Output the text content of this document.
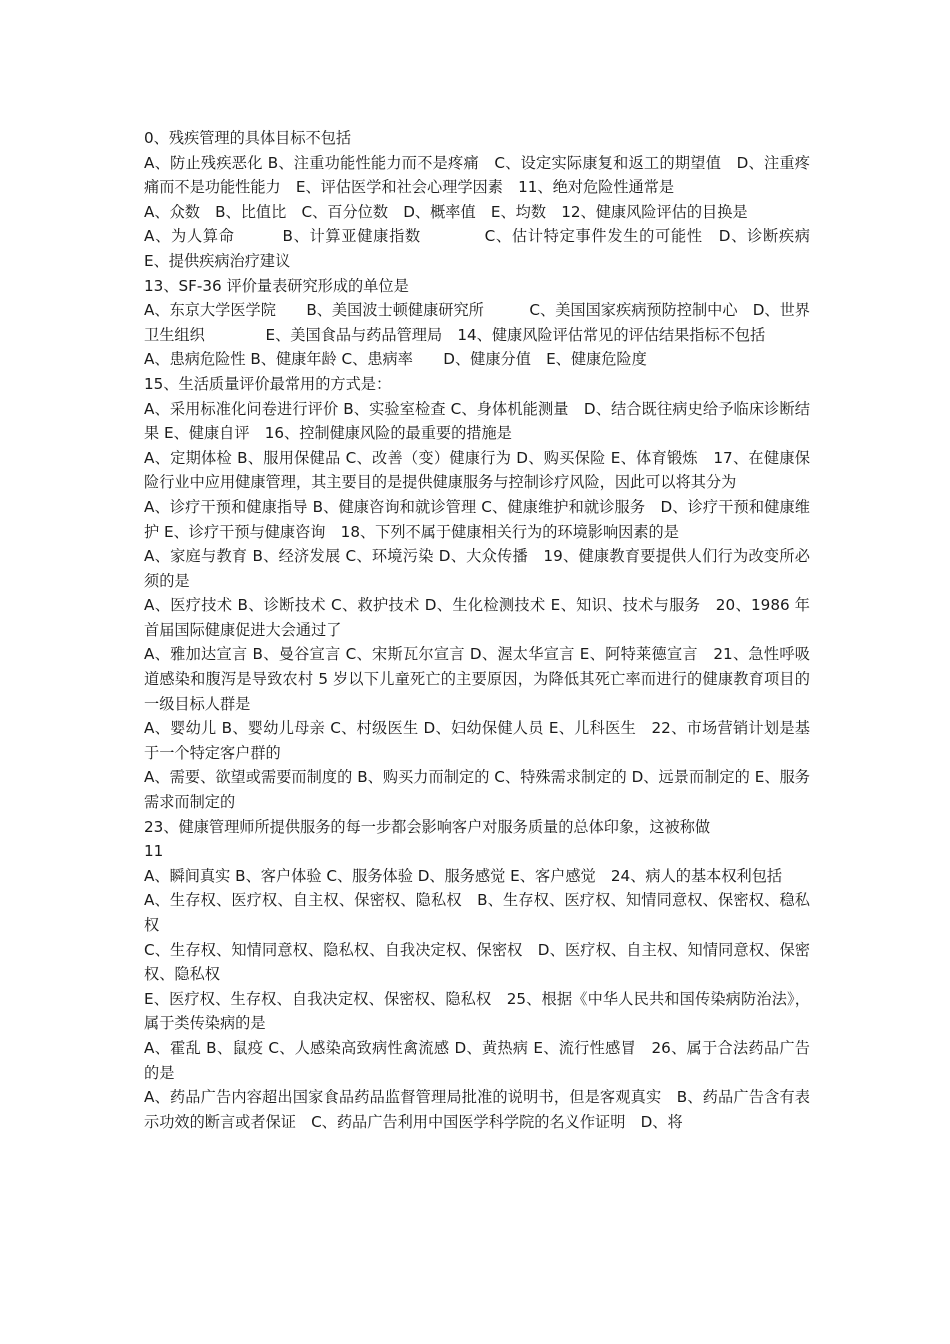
0、残疾管理的具体目标不包括

A、防止残疾恶化 B、注重功能性能力而不是疼痛　C、设定实际康复和返工的期望值　D、注重疼痛而不是功能性能力　E、评估医学和社会心理学因素　11、绝对危险性通常是

A、众数　B、比值比　C、百分位数　D、概率值　E、均数　12、健康风险评估的目换是

A、为人算命　　　B、计算亚健康指数　　　　C、估计特定事件发生的可能性　D、诊断疾病　　　E、提供疾病治疗建议

13、SF-36 评价量表研究形成的单位是

A、东京大学医学院　　B、美国波士顿健康研究所　　　C、美国国家疾病预防控制中心　D、世界卫生组织　　　　E、美国食品与药品管理局　14、健康风险评估常见的评估结果指标不包括

A、患病危险性 B、健康年龄 C、患病率　　D、健康分值　E、健康危险度

15、生活质量评价最常用的方式是：

A、采用标准化问卷进行评价 B、实验室检查 C、身体机能测量　D、结合既往病史给予临床诊断结果 E、健康自评　16、控制健康风险的最重要的措施是

A、定期体检 B、服用保健品 C、改善（变）健康行为 D、购买保险 E、体育锻炼　17、在健康保险行业中应用健康管理，其主要目的是提供健康服务与控制诊疗风险，因此可以将其分为

A、诊疗干预和健康指导 B、健康咨询和就诊管理 C、健康维护和就诊服务　D、诊疗干预和健康维护 E、诊疗干预与健康咨询　18、下列不属于健康相关行为的环境影响因素的是

A、家庭与教育 B、经济发展 C、环境污染 D、大众传播　19、健康教育要提供人们行为改变所必须的是

A、医疗技术 B、诊断技术 C、救护技术 D、生化检测技术 E、知识、技术与服务　20、1986 年首届国际健康促进大会通过了

A、雅加达宣言 B、曼谷宣言 C、宋斯瓦尔宣言 D、渥太华宣言 E、阿特莱德宣言　21、急性呼吸道感染和腹泻是导致农村 5 岁以下儿童死亡的主要原因，为降低其死亡率而进行的健康教育项目的一级目标人群是

A、婴幼儿 B、婴幼儿母亲 C、村级医生 D、妇幼保健人员 E、儿科医生　22、市场营销计划是基于一个特定客户群的

A、需要、欲望或需要而制度的 B、购买力而制定的 C、特殊需求制定的 D、远景而制定的 E、服务需求而制定的

23、健康管理师所提供服务的每一步都会影响客户对服务质量的总体印象，这被称做

11

A、瞬间真实 B、客户体验 C、服务体验 D、服务感觉 E、客户感觉　24、病人的基本权利包括

A、生存权、医疗权、自主权、保密权、隐私权　B、生存权、医疗权、知情同意权、保密权、稳私权

C、生存权、知情同意权、隐私权、自我决定权、保密权　D、医疗权、自主权、知情同意权、保密权、隐私权

E、医疗权、生存权、自我决定权、保密权、隐私权　25、根据《中华人民共和国传染病防治法》，属于类传染病的是

A、霍乱 B、鼠疫 C、人感染高致病性禽流感 D、黄热病 E、流行性感冒　26、属于合法药品广告的是

A、药品广告内容超出国家食品药品监督管理局批准的说明书，但是客观真实　B、药品广告含有表示功效的断言或者保证　C、药品广告利用中国医学科学院的名义作证明　D、将
